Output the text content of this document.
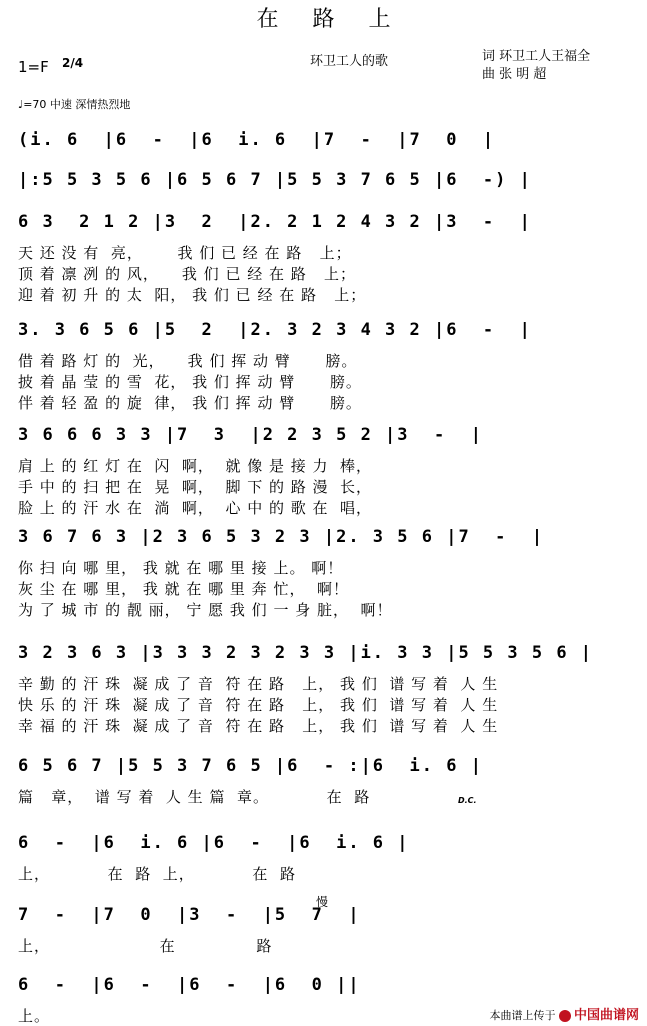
在路上
1=F 2/4	环卫工人的歌	词 环卫工人王福全
曲 张 明 超
♩=70 中速 深情热烈地
(i. 6  |6  -  |6  i. 6  |7  -  |7  0  |
|:5 5 3 5 6 |6 5 6 7 |5 5 3 7 6 5 |6  -) |
6 3  2 1 2 |3  2  |2. 2 1 2 4 3 2 |3  -  |
天 还 没 有  亮，      我 们 已 经 在 路   上；
顶 着 凛 冽 的 风，    我 们 已 经 在 路   上；
迎 着 初 升 的 太  阳， 我 们 已 经 在 路   上；
3. 3 6 5 6 |5  2  |2. 3 2 3 4 3 2 |6  -  |
借 着 路 灯 的  光，    我 们 挥 动 臂      膀。
披 着 晶 莹 的 雪  花， 我 们 挥 动 臂      膀。
伴 着 轻 盈 的 旋  律， 我 们 挥 动 臂      膀。
3 6 6 6 3 3 |7  3  |2 2 3 5 2 |3  -  |
肩 上 的 红 灯 在  闪  啊，  就 像 是 接 力  棒，
手 中 的 扫 把 在  晃  啊，  脚 下 的 路 漫  长，
脸 上 的 汗 水 在  淌  啊，  心 中 的 歌 在  唱，
3 6 7 6 3 |2 3 6 5 3 2 3 |2. 3 5 6 |7  -  |
你 扫 向 哪 里， 我 就 在 哪 里 接 上。 啊！
灰 尘 在 哪 里， 我 就 在 哪 里 奔 忙，  啊！
为 了 城 市 的 靓 丽， 宁 愿 我 们 一 身 脏，  啊！
3 2 3 6 3 |3 3 3 2 3 2 3 3 |i. 3 3 |5 5 3 5 6 |
辛 勤 的 汗 珠  凝 成 了 音  符 在 路   上， 我 们  谱 写 着  人 生
快 乐 的 汗 珠  凝 成 了 音  符 在 路   上， 我 们  谱 写 着  人 生
幸 福 的 汗 珠  凝 成 了 音  符 在 路   上， 我 们  谱 写 着  人 生
6 5 6 7 |5 5 3 7 6 5 |6  - :|6  i. 6 |
篇   章，  谱 写 着  人 生 篇  章。          在  路	D.C.
6  -  |6  i. 6 |6  -  |6  i. 6 |
上，          在  路  上，          在  路
7  -  |7  0  |3  -  |5  7  |
上，                   在              路
慢
6  -  |6  -  |6  -  |6  0 ||
上。	本曲谱上传于 中国曲谱网
